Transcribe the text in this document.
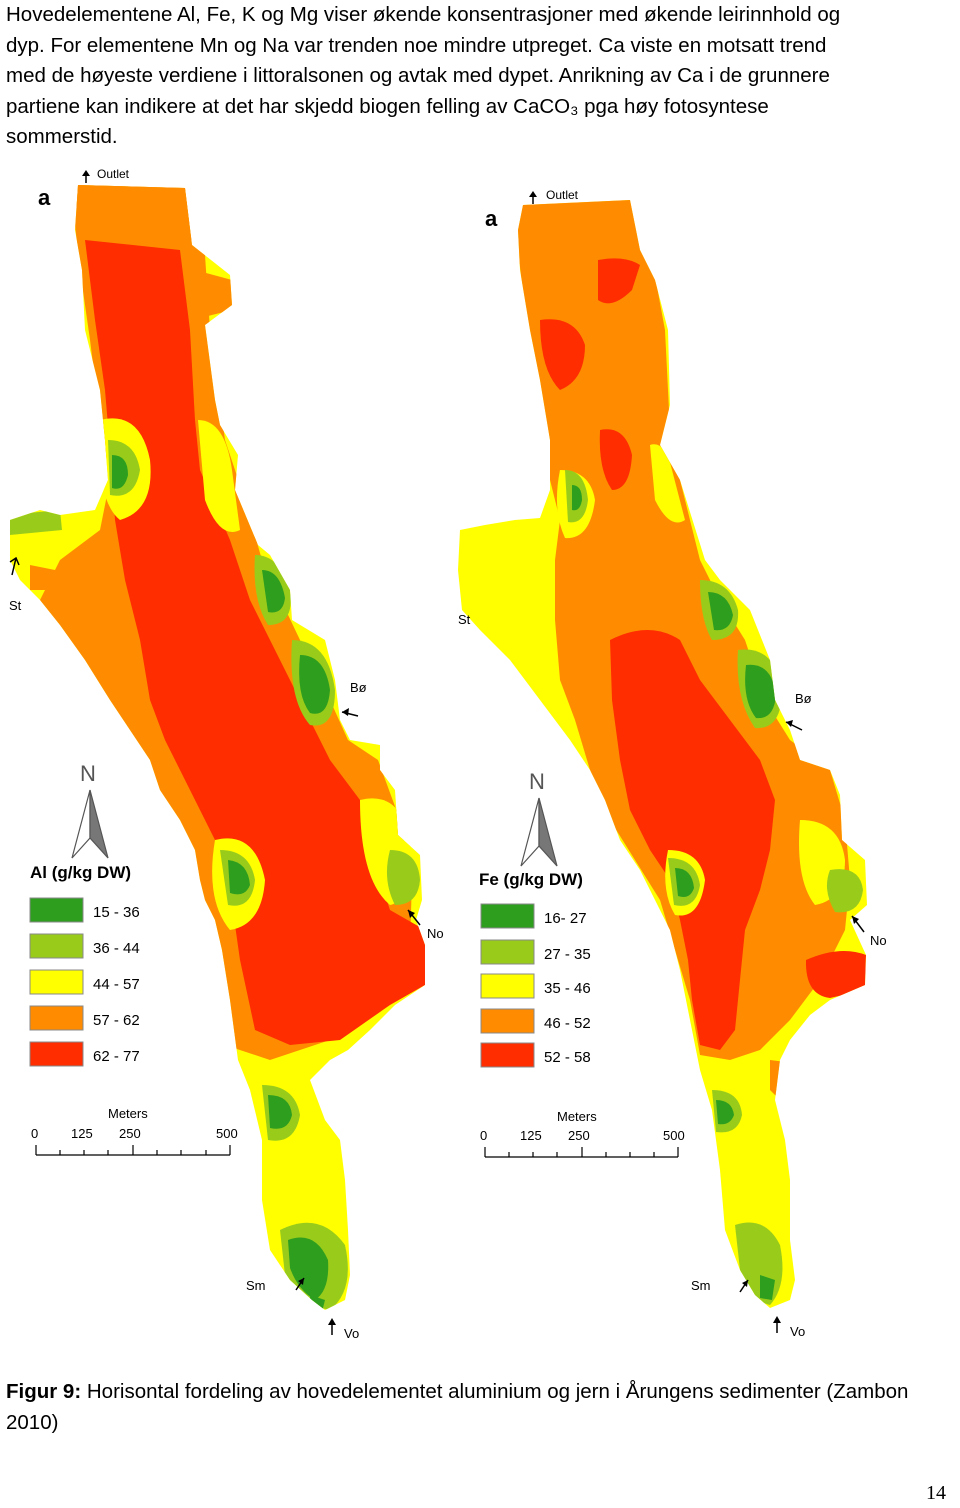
Hovedelementene Al, Fe, K og Mg viser økende konsentrasjoner med økende leirinnhold og
dyp. For elementene Mn og Na var trenden noe mindre utpreget. Ca viste en motsatt trend
med de høyeste verdiene i littoralsonen og avtak med dypet. Anrikning av Ca i de grunnere
partiene kan indikere at det har skjedd biogen felling av CaCO₃ pga høy fotosyntese
sommerstid.
a
Outlet
St
Bø
No
Sm
Vo
N
Al (g/kg DW)
15 - 36
36 - 44
44 - 57
57 - 62
62 - 77
Meters
0	125 250	500
a
Outlet
St
Bø
No
Sm
Vo
N
Fe (g/kg DW)
16- 27
27 - 35
35 - 46
46 - 52
52 - 58
Meters
0	125 250	500
Figur 9: Horisontal fordeling av hovedelementet aluminium og jern i Årungens sedimenter (Zambon 2010)
14
